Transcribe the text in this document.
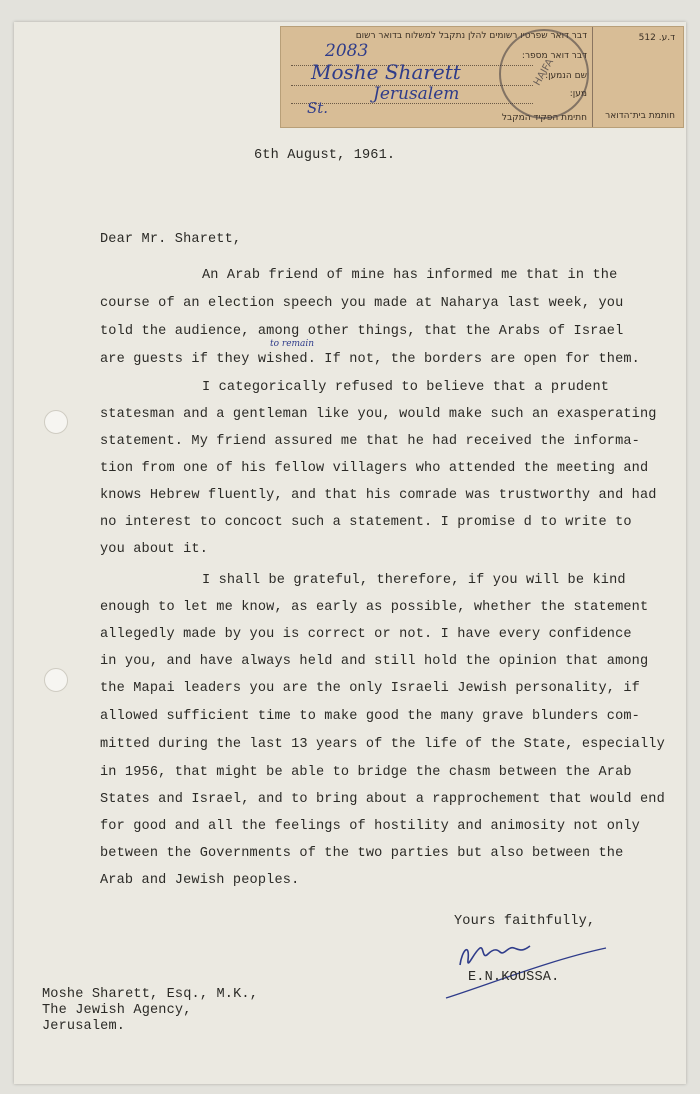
ד.ע. 512
חותמת בית־הדואר
דבר דואר שפרטיו רשומים להלן נתקבל למשלוח בדואר רשום
דבר דואר מספר:
שם הנמען:
מען:
חתימת הפקיד המקבל
2083
Moshe Sharett
Jerusalem
St.
HAIFA
6th August, 1961.
Dear Mr. Sharett,
An Arab friend of mine has informed me that in the
course of an election speech you made at Naharya last week, you
told the audience, among other things, that the Arabs of Israel
to remain
are guests if they wished. If not, the borders are open for them.
I categorically refused to believe that a prudent
statesman and a gentleman like you, would make such an exasperating
statement. My friend assured me that he had received the informa-
tion from one of his fellow villagers who attended the meeting and
knows Hebrew fluently, and that his comrade was trustworthy and had
no interest to concoct such a statement. I promise d to write to
you about it.
I shall be grateful, therefore, if you will be kind
enough to let me know, as early as possible, whether the statement
allegedly made by you is correct or not. I have every confidence
in you, and have always held and still hold the opinion that among
the Mapai leaders you are the only Israeli Jewish personality, if
allowed sufficient time to make good the many grave blunders com-
mitted during the last 13 years of the life of the State, especially
in 1956, that might be able to bridge the chasm between the Arab
States and Israel, and to bring about a rapprochement that would end
for good and all the feelings of hostility and animosity not only
between the Governments of the two parties but also between the
Arab and Jewish peoples.
Yours faithfully,
E.N.KOUSSA.
Moshe Sharett, Esq., M.K.,
The Jewish Agency,
Jerusalem.
